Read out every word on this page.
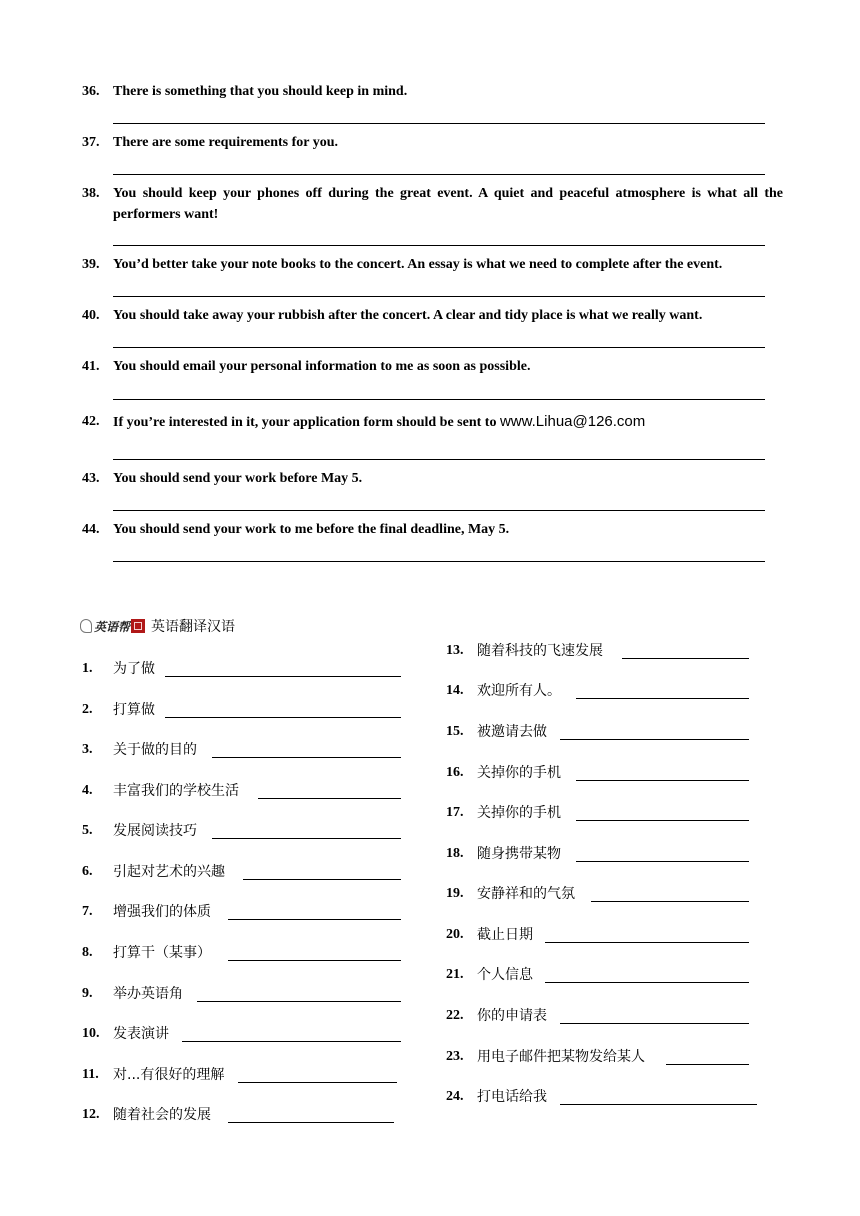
36. There is something that you should keep in mind.
37. There are some requirements for you.
38. You should keep your phones off during the great event. A quiet and peaceful atmosphere is what all the performers want!
39. You’d better take your note books to the concert. An essay is what we need to complete after the event.
40. You should take away your rubbish after the concert. A clear and tidy place is what we really want.
41. You should email your personal information to me as soon as possible.
42. If you’re interested in it, your application form should be sent to www.Lihua@126.com
43. You should send your work before May 5.
44. You should send your work to me before the final deadline, May 5.
英语帮 英语翻译汉语
1. 为了做
2. 打算做
3. 关于做的目的
4. 丰富我们的学校生活
5. 发展阅读技巧
6. 引起对艺术的兴趣
7. 增强我们的体质
8. 打算干（某事）
9. 举办英语角
10. 发表演讲
11. 对...有很好的理解
12. 随着社会的发展
13. 随着科技的飞速发展
14. 欢迎所有人。
15. 被邀请去做
16. 关掉你的手机
17. 关掉你的手机
18. 随身携带某物
19. 安静祥和的气氛
20. 截止日期
21. 个人信息
22. 你的申请表
23. 用电子邮件把某物发给某人
24. 打电话给我
